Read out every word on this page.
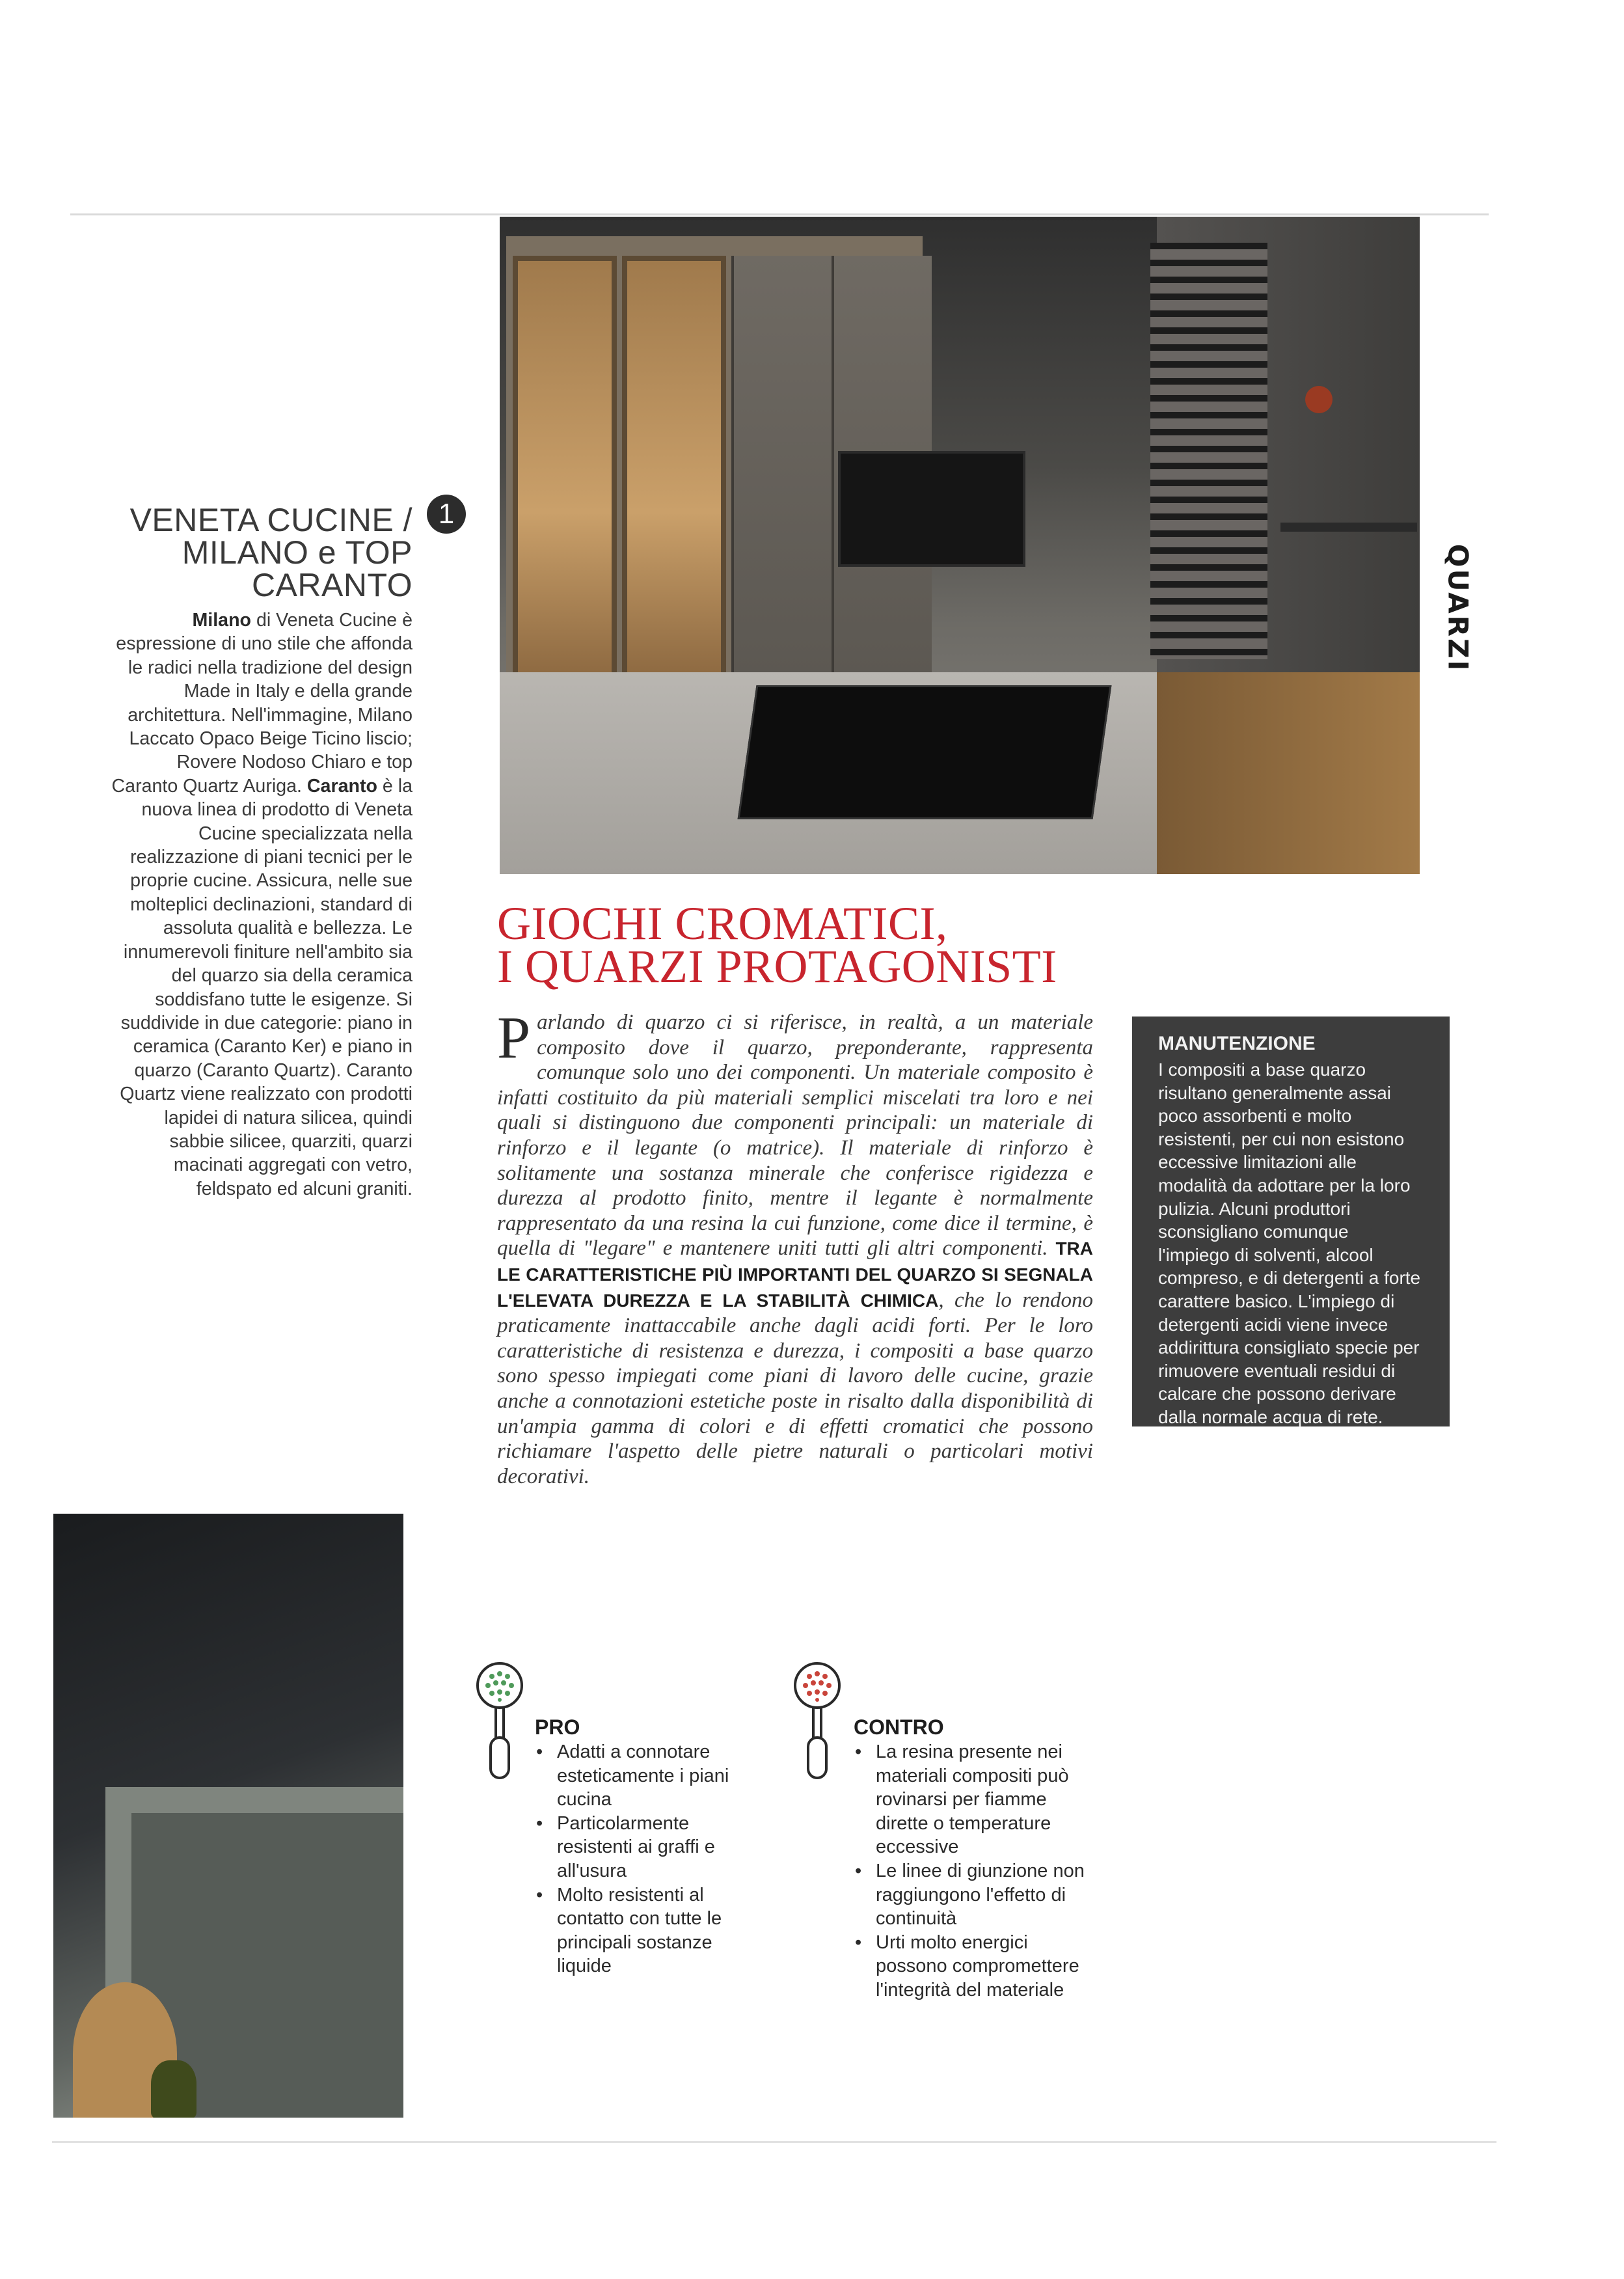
VENETA CUCINE / MILANO e TOP CARANTO
1

Milano di Veneta Cucine è espressione di uno stile che affonda le radici nella tradizione del design Made in Italy e della grande architettura. Nell'immagine, Milano Laccato Opaco Beige Ticino liscio; Rovere Nodoso Chiaro e top Caranto Quartz Auriga. Caranto è la nuova linea di prodotto di Veneta Cucine specializzata nella realizzazione di piani tecnici per le proprie cucine. Assicura, nelle sue molteplici declinazioni, standard di assoluta qualità e bellezza. Le innumerevoli finiture nell'ambito sia del quarzo sia della ceramica soddisfano tutte le esigenze. Si suddivide in due categorie: piano in ceramica (Caranto Ker) e piano in quarzo (Caranto Quartz). Caranto Quartz viene realizzato con prodotti lapidei di natura silicea, quindi sabbie silicee, quarziti, quarzi macinati aggregati con vetro, feldspato ed alcuni graniti.

QUARZI
GIOCHI CROMATICI,
I QUARZI PROTAGONISTI

Parlando di quarzo ci si riferisce, in realtà, a un materiale composito dove il quarzo, preponderante, rappresenta comunque solo uno dei componenti. Un materiale composito è infatti costituito da più materiali semplici miscelati tra loro e nei quali si distinguono due componenti principali: un materiale di rinforzo e il legante (o matrice). Il materiale di rinforzo è solitamente una sostanza minerale che conferisce rigidezza e durezza al prodotto finito, mentre il legante è normalmente rappresentato da una resina la cui funzione, come dice il termine, è quella di "legare" e mantenere uniti tutti gli altri componenti. TRA LE CARATTERISTICHE PIÙ IMPORTANTI DEL QUARZO SI SEGNALA L'ELEVATA DUREZZA E LA STABILITÀ CHIMICA, che lo rendono praticamente inattaccabile anche dagli acidi forti. Per le loro caratteristiche di resistenza e durezza, i compositi a base quarzo sono spesso impiegati come piani di lavoro delle cucine, grazie anche a connotazioni estetiche poste in risalto dalla disponibilità di un'ampia gamma di colori e di effetti cromatici che possono richiamare l'aspetto delle pietre naturali o particolari motivi decorativi.

MANUTENZIONE

I compositi a base quarzo risultano generalmente assai poco assorbenti e molto resistenti, per cui non esistono eccessive limitazioni alle modalità da adottare per la loro pulizia. Alcuni produttori sconsigliano comunque l'impiego di solventi, alcool compreso, e di detergenti a forte carattere basico. L'impiego di detergenti acidi viene invece addirittura consigliato specie per rimuovere eventuali residui di calcare che possono derivare dalla normale acqua di rete.

PRO
• Adatti a connotare esteticamente i piani cucina
• Particolarmente resistenti ai graffi e all'usura
• Molto resistenti al contatto con tutte le principali sostanze liquide
CONTRO
• La resina presente nei materiali compositi può rovinarsi per fiamme dirette o temperature eccessive
• Le linee di giunzione non raggiungono l'effetto di continuità
• Urti molto energici possono compromettere l'integrità del materiale
